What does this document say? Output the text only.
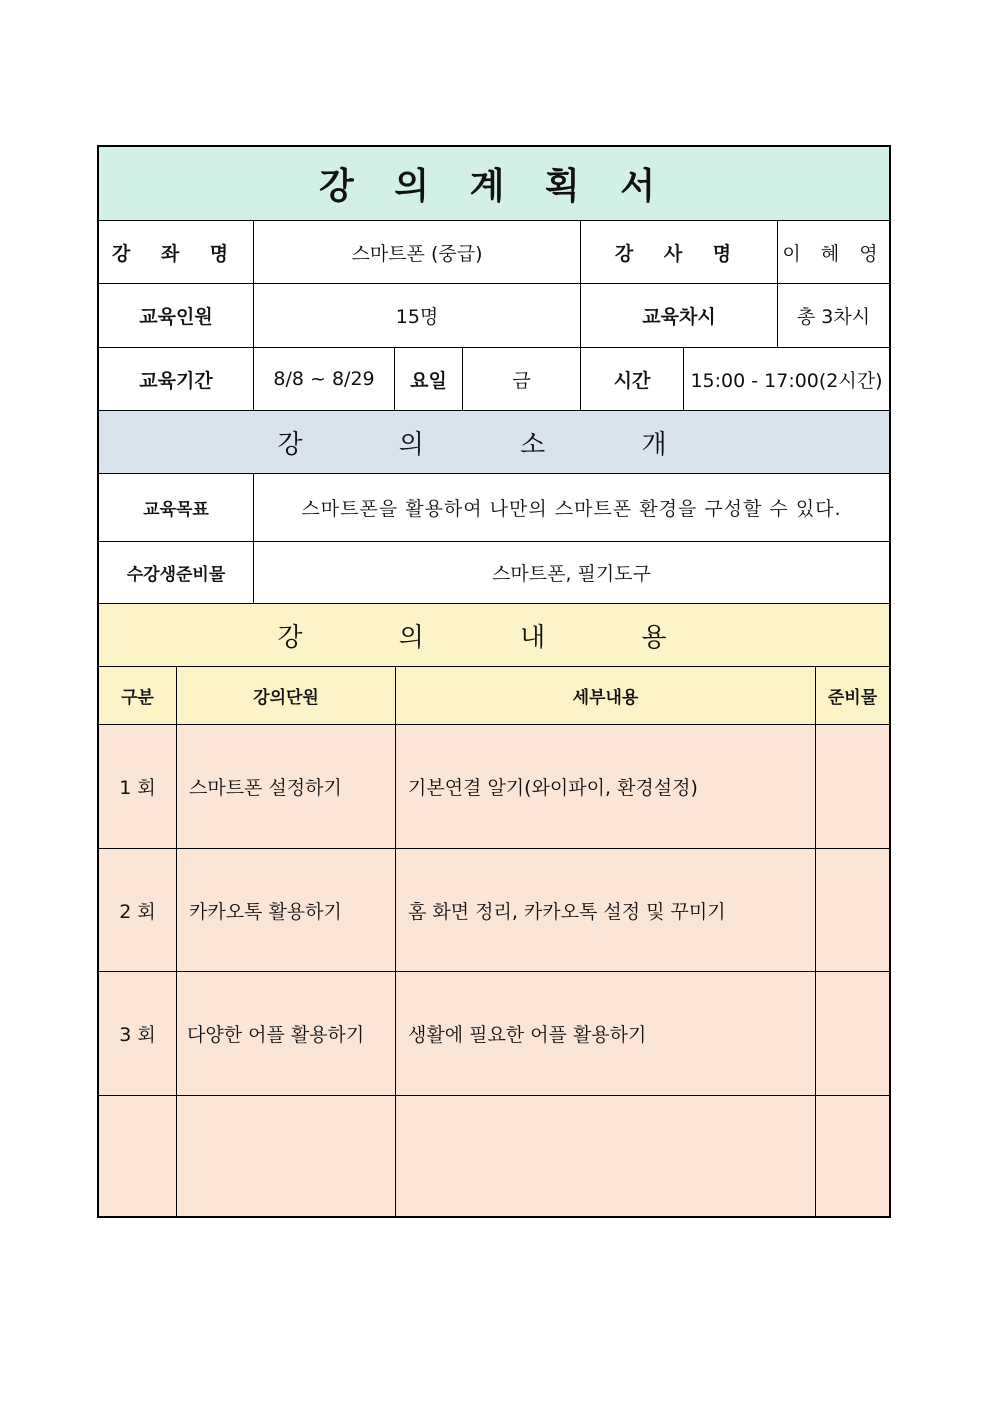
강 의 계 획 서
강 좌 명	스마트폰 (중급)	강 사 명	이 혜 영
교육인원	15명	교육차시	총 3차시
교육기간	8/8 ~ 8/29	요일	금	시간	15:00 - 17:00(2시간)
강 의 소 개
교육목표	스마트폰을 활용하여 나만의 스마트폰 환경을 구성할 수 있다.
수강생준비물	스마트폰, 필기도구
강 의 내 용
구분	강의단원	세부내용	준비물
1 회	스마트폰 설정하기	기본연결 알기(와이파이, 환경설정)
2 회	카카오톡 활용하기	홈 화면 정리, 카카오톡 설정 및 꾸미기
3 회	다양한 어플 활용하기	생활에 필요한 어플 활용하기
